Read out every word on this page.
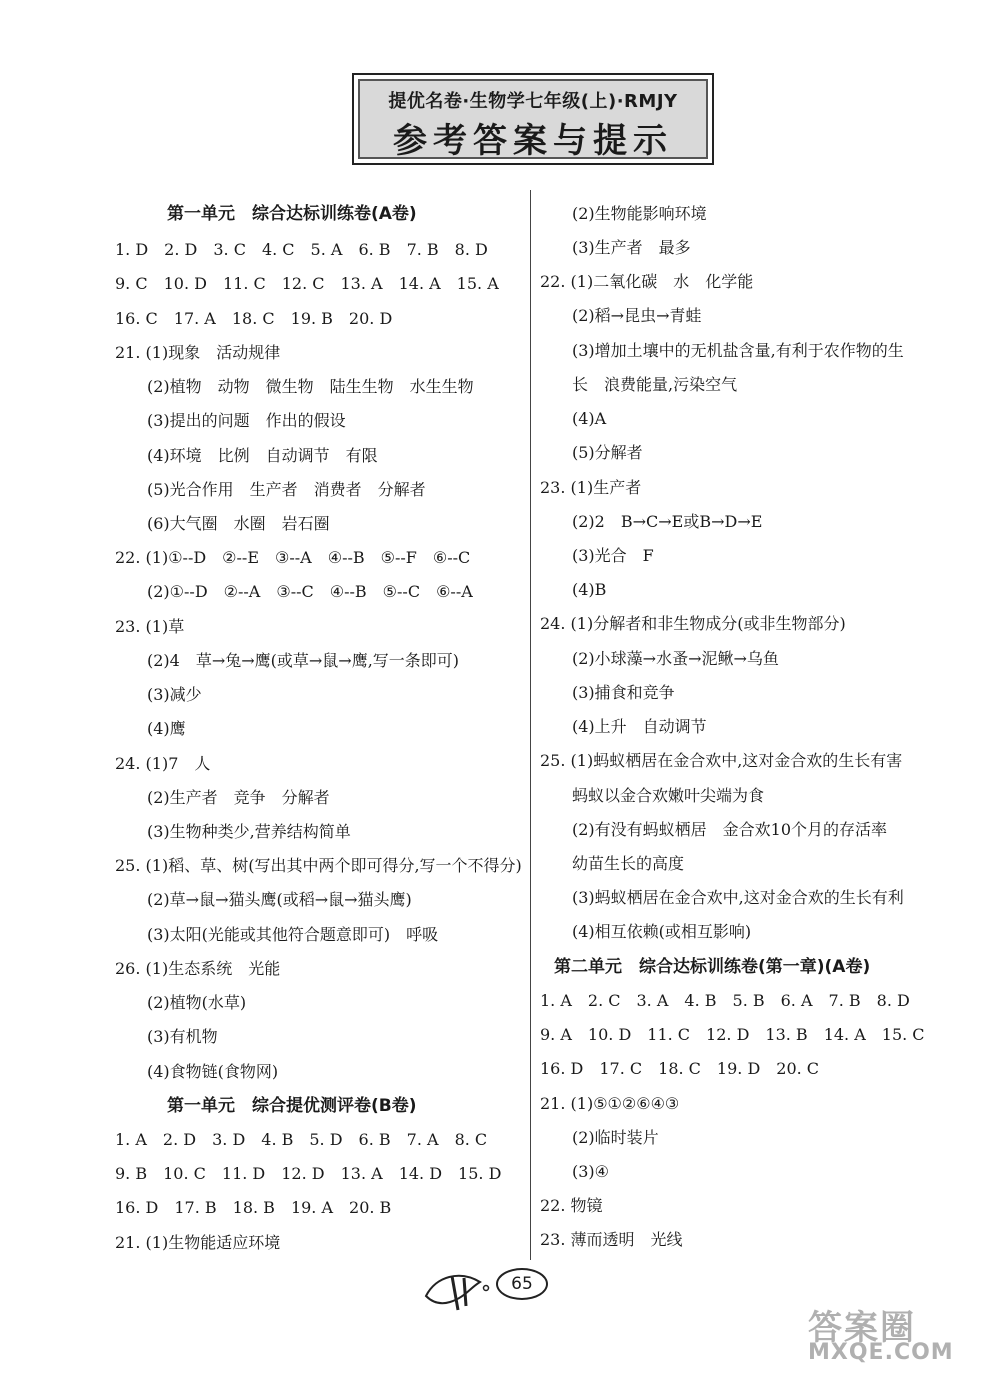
提优名卷·生物学七年级(上)·RMJY
参考答案与提示
第一单元　综合达标训练卷(A卷)
1. D　2. D　3. C　4. C　5. A　6. B　7. B　8. D
9. C　10. D　11. C　12. C　13. A　14. A　15. A
16. C　17. A　18. C　19. B　20. D
21. (1)现象　活动规律
(2)植物　动物　微生物　陆生生物　水生生物
(3)提出的问题　作出的假设
(4)环境　比例　自动调节　有限
(5)光合作用　生产者　消费者　分解者
(6)大气圈　水圈　岩石圈
22. (1)①--D　②--E　③--A　④--B　⑤--F　⑥--C
(2)①--D　②--A　③--C　④--B　⑤--C　⑥--A
23. (1)草
(2)4　草→兔→鹰(或草→鼠→鹰,写一条即可)
(3)减少
(4)鹰
24. (1)7　人
(2)生产者　竞争　分解者
(3)生物种类少,营养结构简单
25. (1)稻、草、树(写出其中两个即可得分,写一个不得分)
(2)草→鼠→猫头鹰(或稻→鼠→猫头鹰)
(3)太阳(光能或其他符合题意即可)　呼吸
26. (1)生态系统　光能
(2)植物(水草)
(3)有机物
(4)食物链(食物网)
第一单元　综合提优测评卷(B卷)
1. A　2. D　3. D　4. B　5. D　6. B　7. A　8. C
9. B　10. C　11. D　12. D　13. A　14. D　15. D
16. D　17. B　18. B　19. A　20. B
21. (1)生物能适应环境
(2)生物能影响环境
(3)生产者　最多
22. (1)二氧化碳　水　化学能
(2)稻→昆虫→青蛙
(3)增加土壤中的无机盐含量,有利于农作物的生
长　浪费能量,污染空气
(4)A
(5)分解者
23. (1)生产者
(2)2　B→C→E或B→D→E
(3)光合　F
(4)B
24. (1)分解者和非生物成分(或非生物部分)
(2)小球藻→水蚤→泥鳅→乌鱼
(3)捕食和竞争
(4)上升　自动调节
25. (1)蚂蚁栖居在金合欢中,这对金合欢的生长有害
蚂蚁以金合欢嫩叶尖端为食
(2)有没有蚂蚁栖居　金合欢10个月的存活率
幼苗生长的高度
(3)蚂蚁栖居在金合欢中,这对金合欢的生长有利
(4)相互依赖(或相互影响)
第二单元　综合达标训练卷(第一章)(A卷)
1. A　2. C　3. A　4. B　5. B　6. A　7. B　8. D
9. A　10. D　11. C　12. D　13. B　14. A　15. C
16. D　17. C　18. C　19. D　20. C
21. (1)⑤①②⑥④③
(2)临时装片
(3)④
22. 物镜
23. 薄而透明　光线
65
答案圈
MXQE.COM
